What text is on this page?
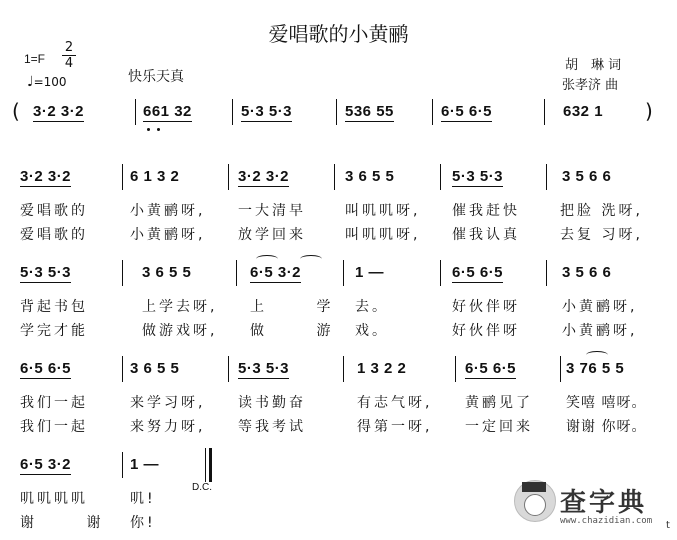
爱唱歌的小黄鹂
$1=F \frac{2}{4}$
♩=100	快乐天真
胡　琳 词
张孝济 曲
( 3·2 3·2	661 32	5·3 5·3	536 55	6·5 6·5	632 1 )
3·2 3·2	6 1 3 2	3·2 3·2	3 6 5 5	5·3 5·3	3 5 6 6
爱唱歌的	小黄鹂呀, 一大清早	叫叽叽呀, 催我赶快	把脸 洗呀,
爱唱歌的	小黄鹂呀, 放学回来	叫叽叽呀, 催我认真	去复 习呀,
5·3 5·3	3 6 5 5	6·5 3·2	1 —	6·5 6·5	3 5 6 6
背起书包	上学去呀, 上 学 去。	好伙伴呀	小黄鹂呀,
学完才能	做游戏呀, 做 游 戏。	好伙伴呀	小黄鹂呀,
6·5 6·5	3 6 5 5	5·3 5·3	1 3 2 2	6·5 6·5	3 76 5 5
我们一起	来学习呀, 读书勤奋	有志气呀, 黄鹂见了 笑嘻 嘻呀。
我们一起	来努力呀, 等我考试	得第一呀, 一定回来 谢谢 你呀。
6·5 3·2	1 —
D.C.
叽叽叽叽	叽!
谢 谢 你!
查字典
www.chazidian.com t
